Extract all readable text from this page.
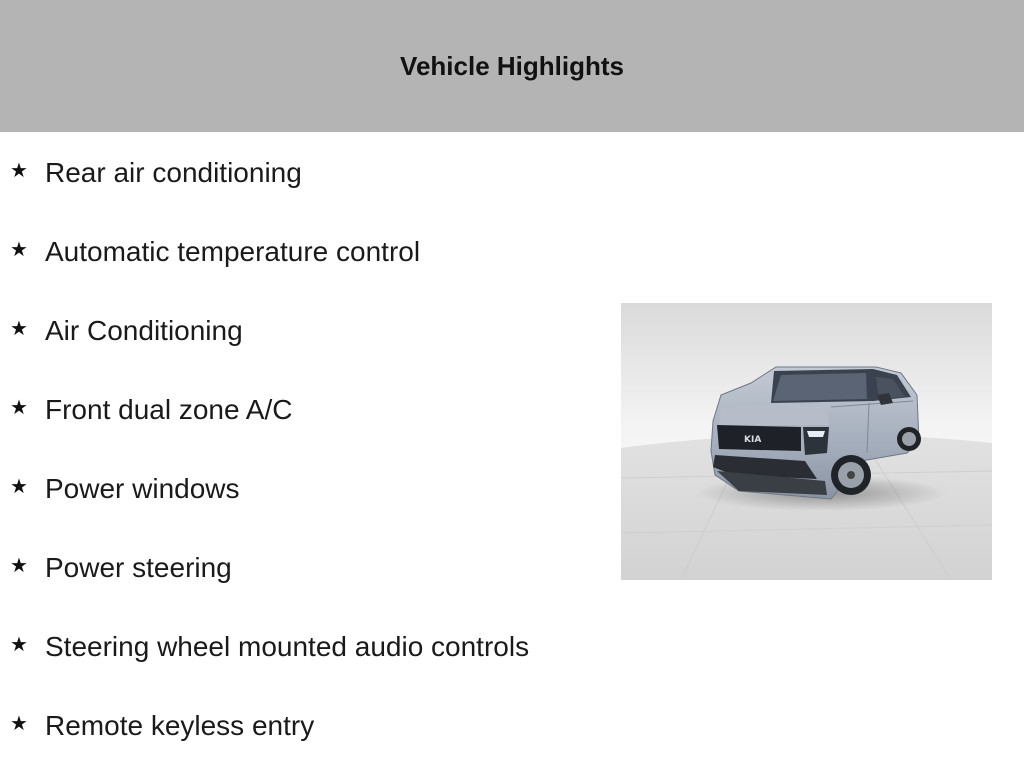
Vehicle Highlights
★ Rear air conditioning
★ Automatic temperature control
★ Air Conditioning
★ Front dual zone A/C
★ Power windows
★ Power steering
★ Steering wheel mounted audio controls
★ Remote keyless entry
KIA
